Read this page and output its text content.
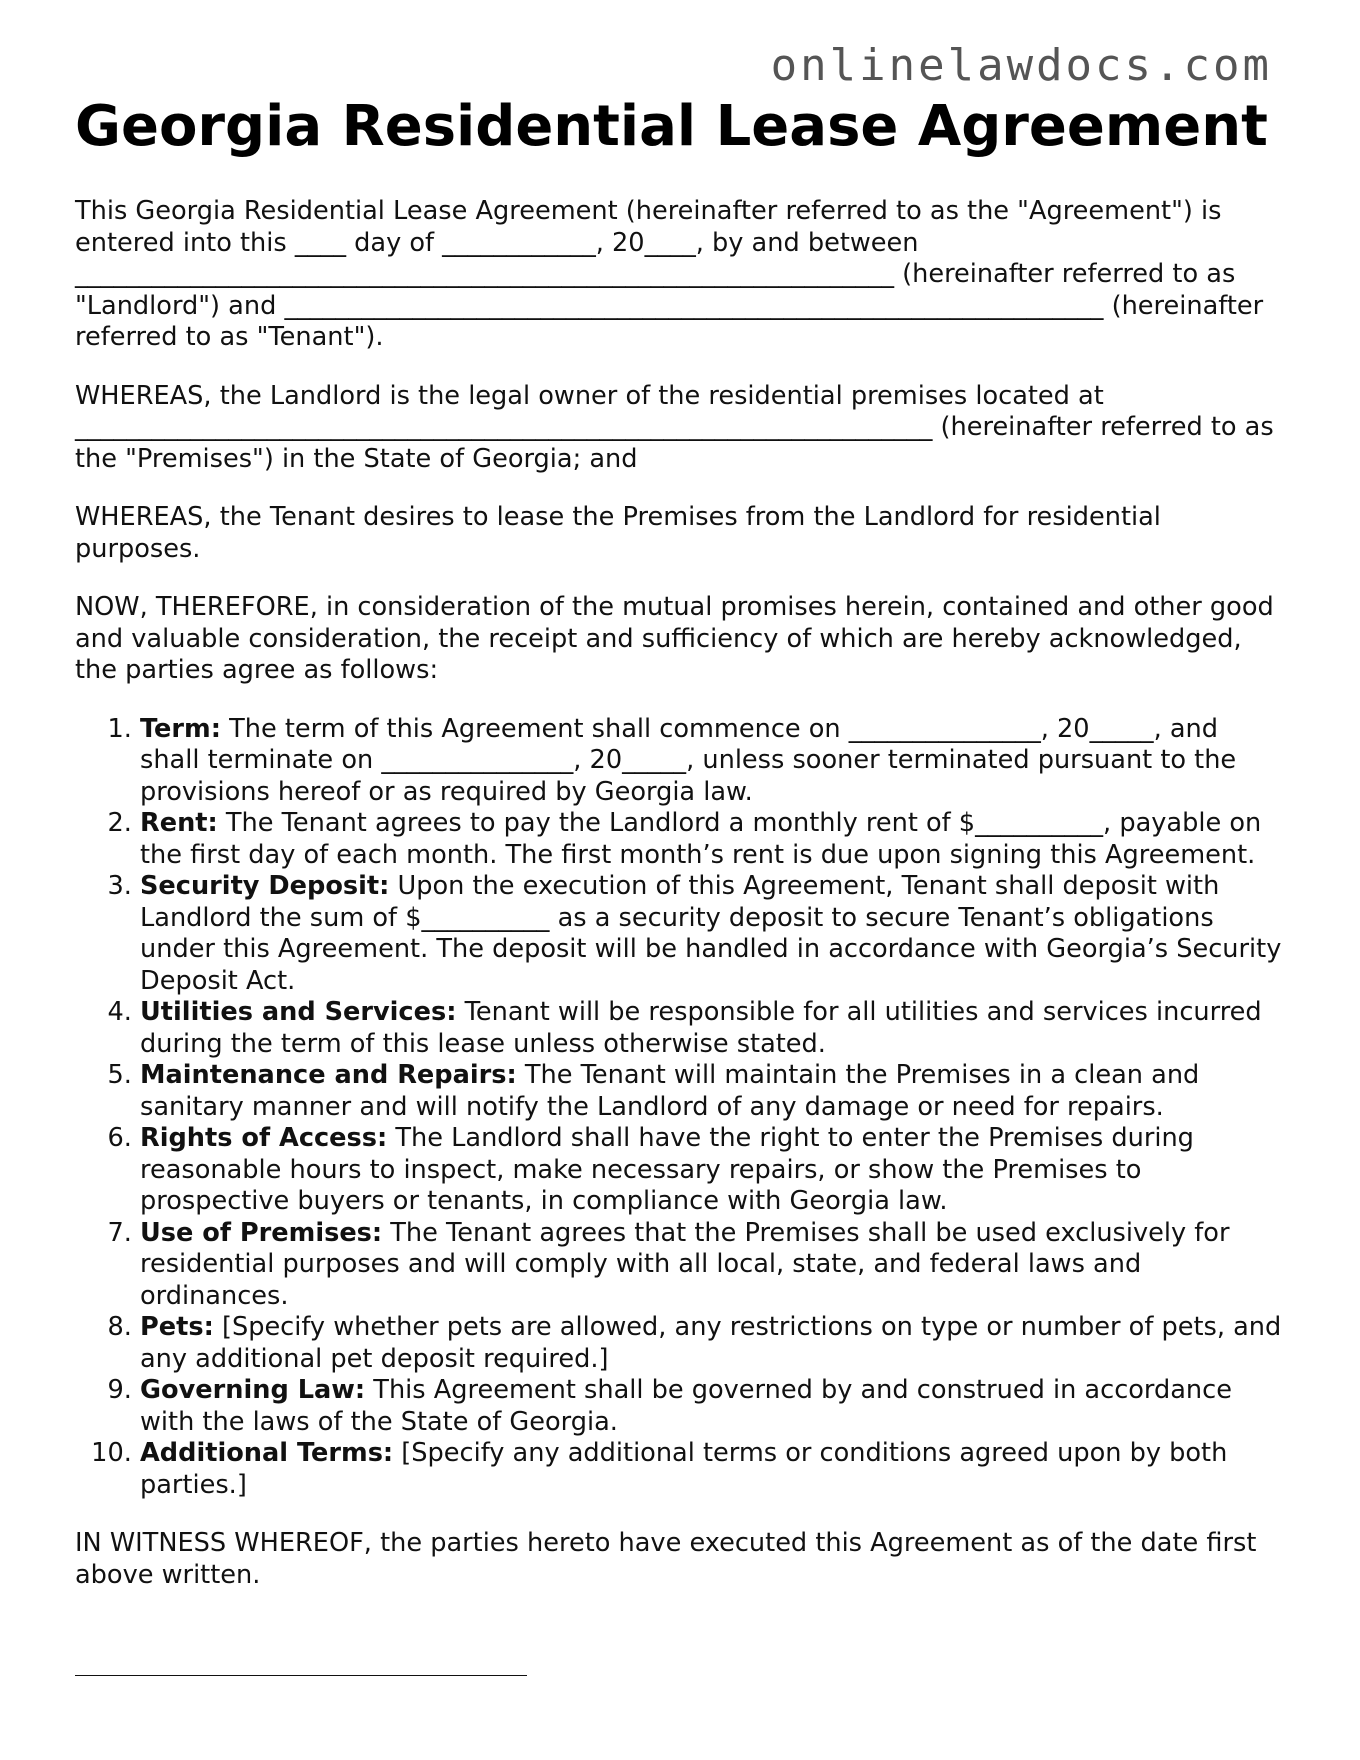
onlinelawdocs.com
Georgia Residential Lease Agreement

This Georgia Residential Lease Agreement (hereinafter referred to as the "Agreement") is entered into this ____ day of ____________, 20____, by and between ________________________________________________________________ (hereinafter referred to as "Landlord") and ________________________________________________________________ (hereinafter referred to as "Tenant").

WHEREAS, the Landlord is the legal owner of the residential premises located at ___________________________________________________________________ (hereinafter referred to as the "Premises") in the State of Georgia; and

WHEREAS, the Tenant desires to lease the Premises from the Landlord for residential purposes.

NOW, THEREFORE, in consideration of the mutual promises herein, contained and other good and valuable consideration, the receipt and sufficiency of which are hereby acknowledged, the parties agree as follows:

1. Term: The term of this Agreement shall commence on _______________, 20_____, and shall terminate on _______________, 20_____, unless sooner terminated pursuant to the provisions hereof or as required by Georgia law.
2. Rent: The Tenant agrees to pay the Landlord a monthly rent of $__________, payable on the first day of each month. The first month’s rent is due upon signing this Agreement.
3. Security Deposit: Upon the execution of this Agreement, Tenant shall deposit with Landlord the sum of $__________ as a security deposit to secure Tenant’s obligations under this Agreement. The deposit will be handled in accordance with Georgia’s Security Deposit Act.
4. Utilities and Services: Tenant will be responsible for all utilities and services incurred during the term of this lease unless otherwise stated.
5. Maintenance and Repairs: The Tenant will maintain the Premises in a clean and sanitary manner and will notify the Landlord of any damage or need for repairs.
6. Rights of Access: The Landlord shall have the right to enter the Premises during reasonable hours to inspect, make necessary repairs, or show the Premises to prospective buyers or tenants, in compliance with Georgia law.
7. Use of Premises: The Tenant agrees that the Premises shall be used exclusively for residential purposes and will comply with all local, state, and federal laws and ordinances.
8. Pets: [Specify whether pets are allowed, any restrictions on type or number of pets, and any additional pet deposit required.]
9. Governing Law: This Agreement shall be governed by and construed in accordance with the laws of the State of Georgia.
10. Additional Terms: [Specify any additional terms or conditions agreed upon by both parties.]

IN WITNESS WHEREOF, the parties hereto have executed this Agreement as of the date first above written.
